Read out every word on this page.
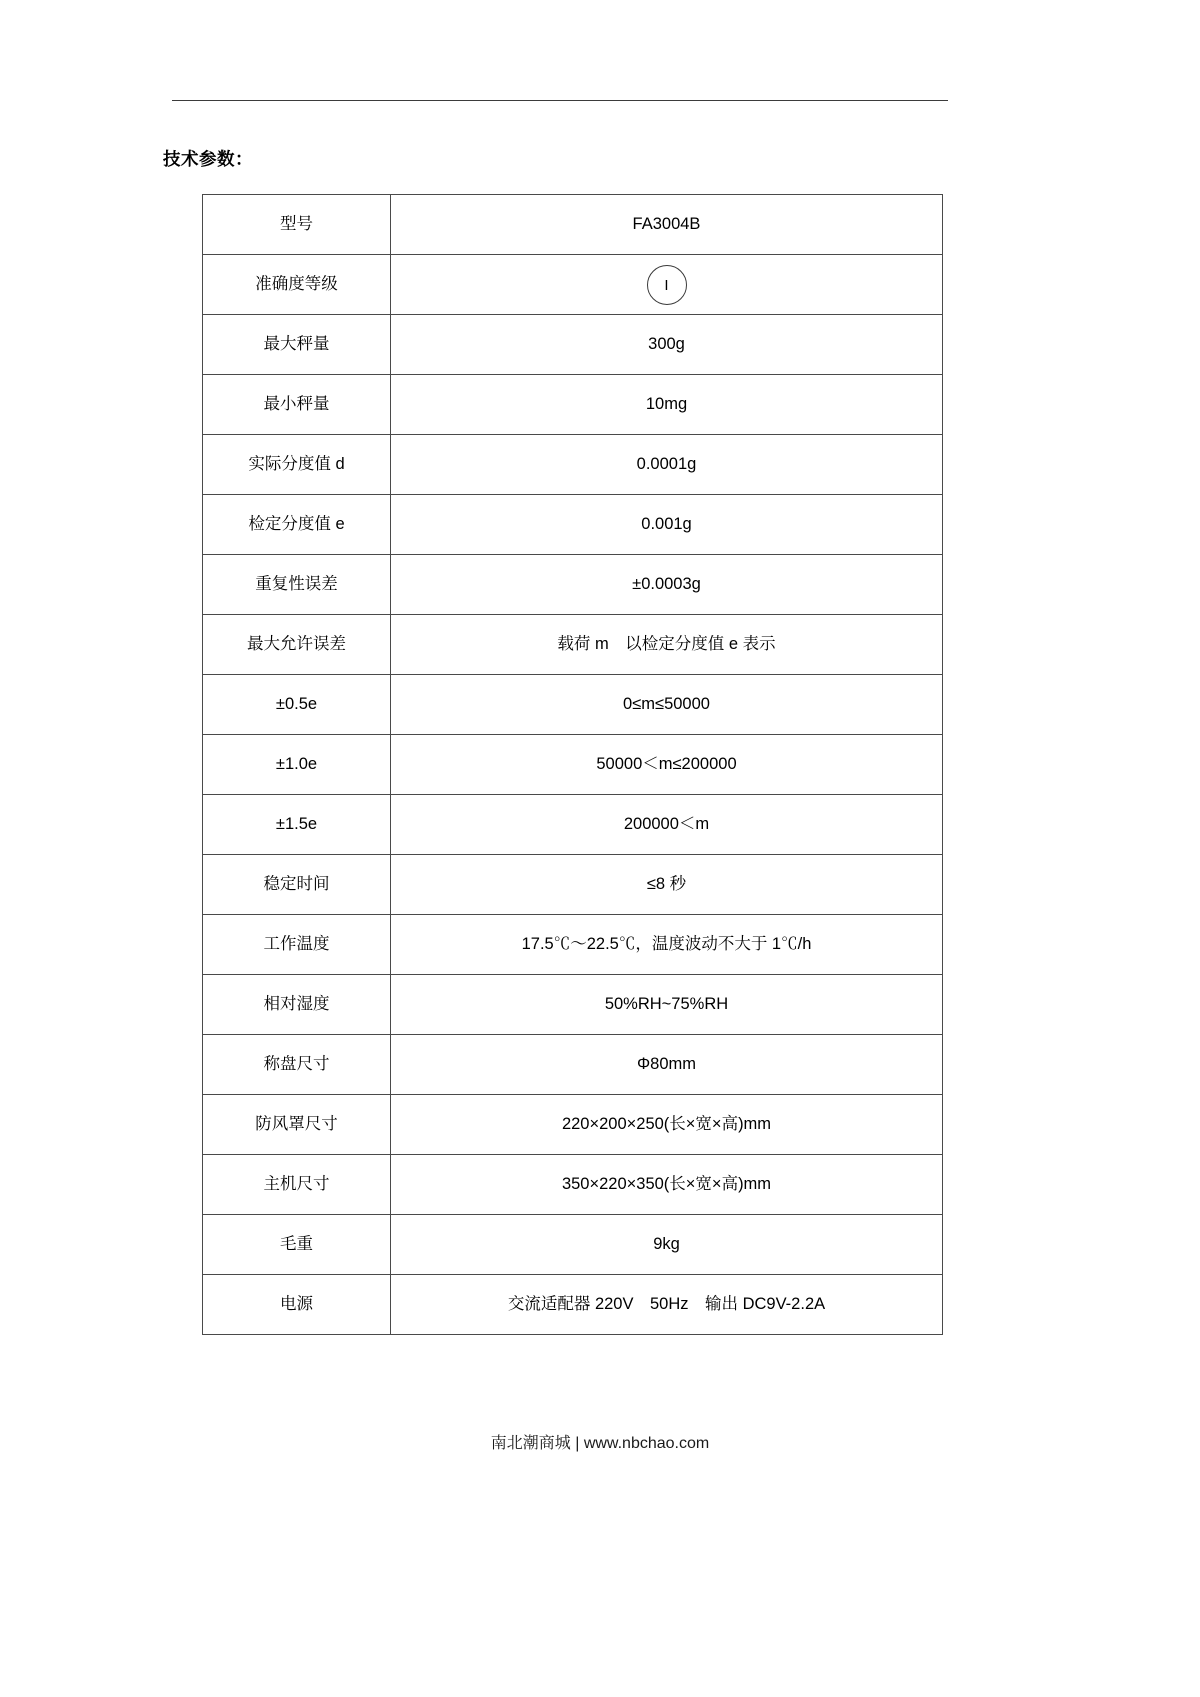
技术参数：
型号	FA3004B
准确度等级	I
最大秤量	300g
最小秤量	10mg
实际分度值 d	0.0001g
检定分度值 e	0.001g
重复性误差	±0.0003g
最大允许误差	载荷 m　以检定分度值 e 表示
±0.5e	0≤m≤50000
±1.0e	50000＜m≤200000
±1.5e	200000＜m
稳定时间	≤8 秒
工作温度	17.5℃～22.5℃，温度波动不大于 1℃/h
相对湿度	50%RH~75%RH
称盘尺寸	Φ80mm
防风罩尺寸	220×200×250(长×宽×高)mm
主机尺寸	350×220×350(长×宽×高)mm
毛重	9kg
电源	交流适配器 220V　50Hz　输出 DC9V-2.2A
南北潮商城 | www.nbchao.com
